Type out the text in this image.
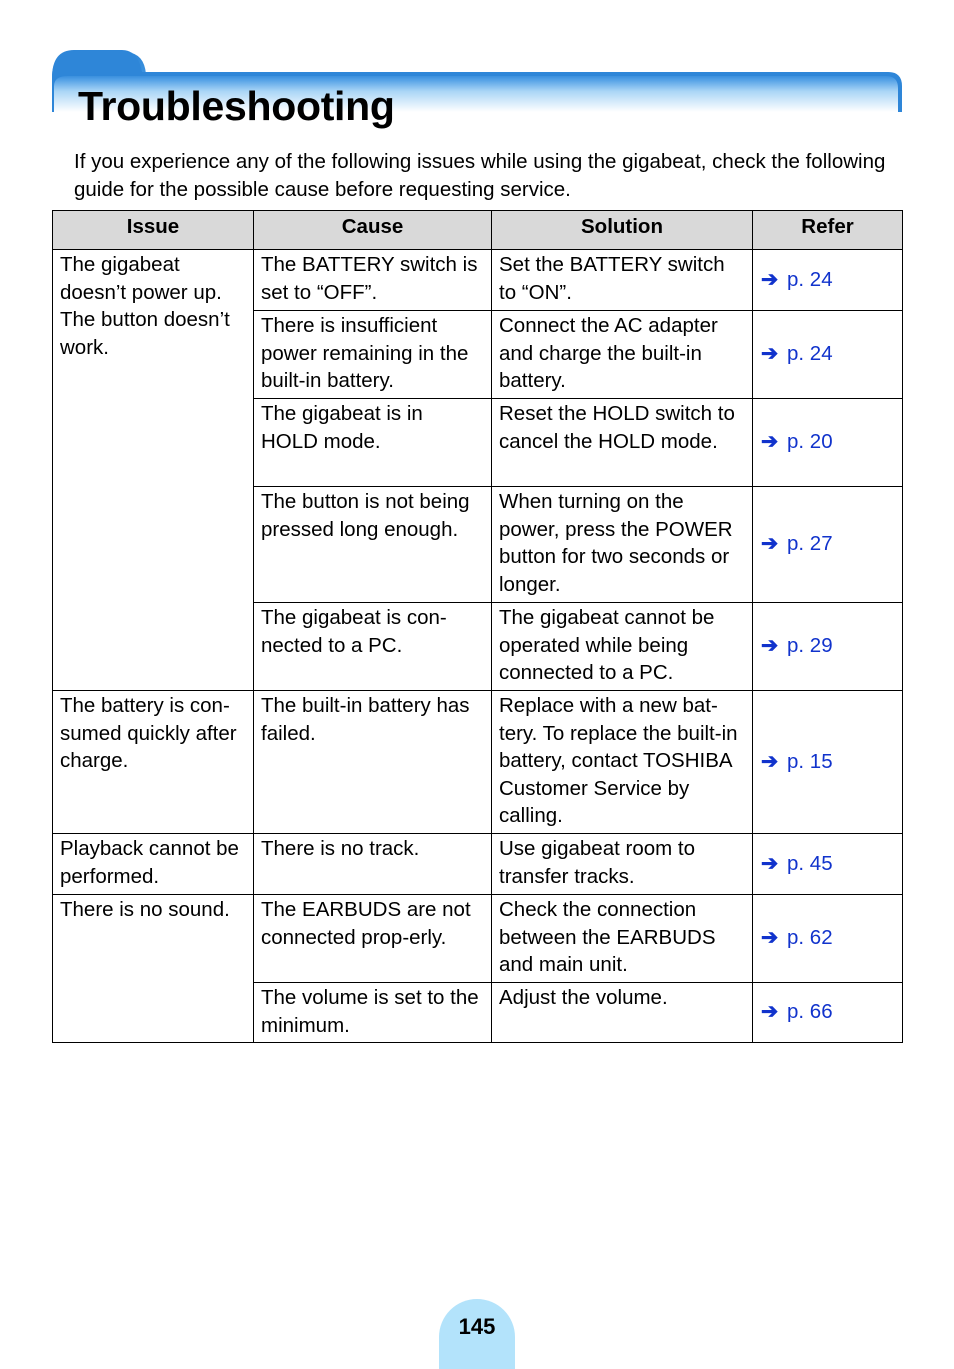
Troubleshooting

If you experience any of the following issues while using the gigabeat, check the following guide for the possible cause before requesting service.

Issue	Cause	Solution	Refer
The gigabeat doesn’t power up. The button doesn’t work.	The BATTERY switch is set to “OFF”.	Set the BATTERY switch to “ON”.	➔ p. 24
	There is insufficient power remaining in the built-in battery.	Connect the AC adapter and charge the built-in battery.	➔ p. 24
	The gigabeat is in HOLD mode.	Reset the HOLD switch to cancel the HOLD mode.	➔ p. 20
	The button is not being pressed long enough.	When turning on the power, press the POWER button for two seconds or longer.	➔ p. 27
	The gigabeat is con-nected to a PC.	The gigabeat cannot be operated while being connected to a PC.	➔ p. 29
The battery is con-sumed quickly after charge.	The built-in battery has failed.	Replace with a new bat-tery. To replace the built-in battery, contact TOSHIBA Customer Service by calling.	➔ p. 15
Playback cannot be performed.	There is no track.	Use gigabeat room to transfer tracks.	➔ p. 45
There is no sound.	The EARBUDS are not connected prop-erly.	Check the connection between the EARBUDS and main unit.	➔ p. 62
	The volume is set to the minimum.	Adjust the volume.	➔ p. 66
145
